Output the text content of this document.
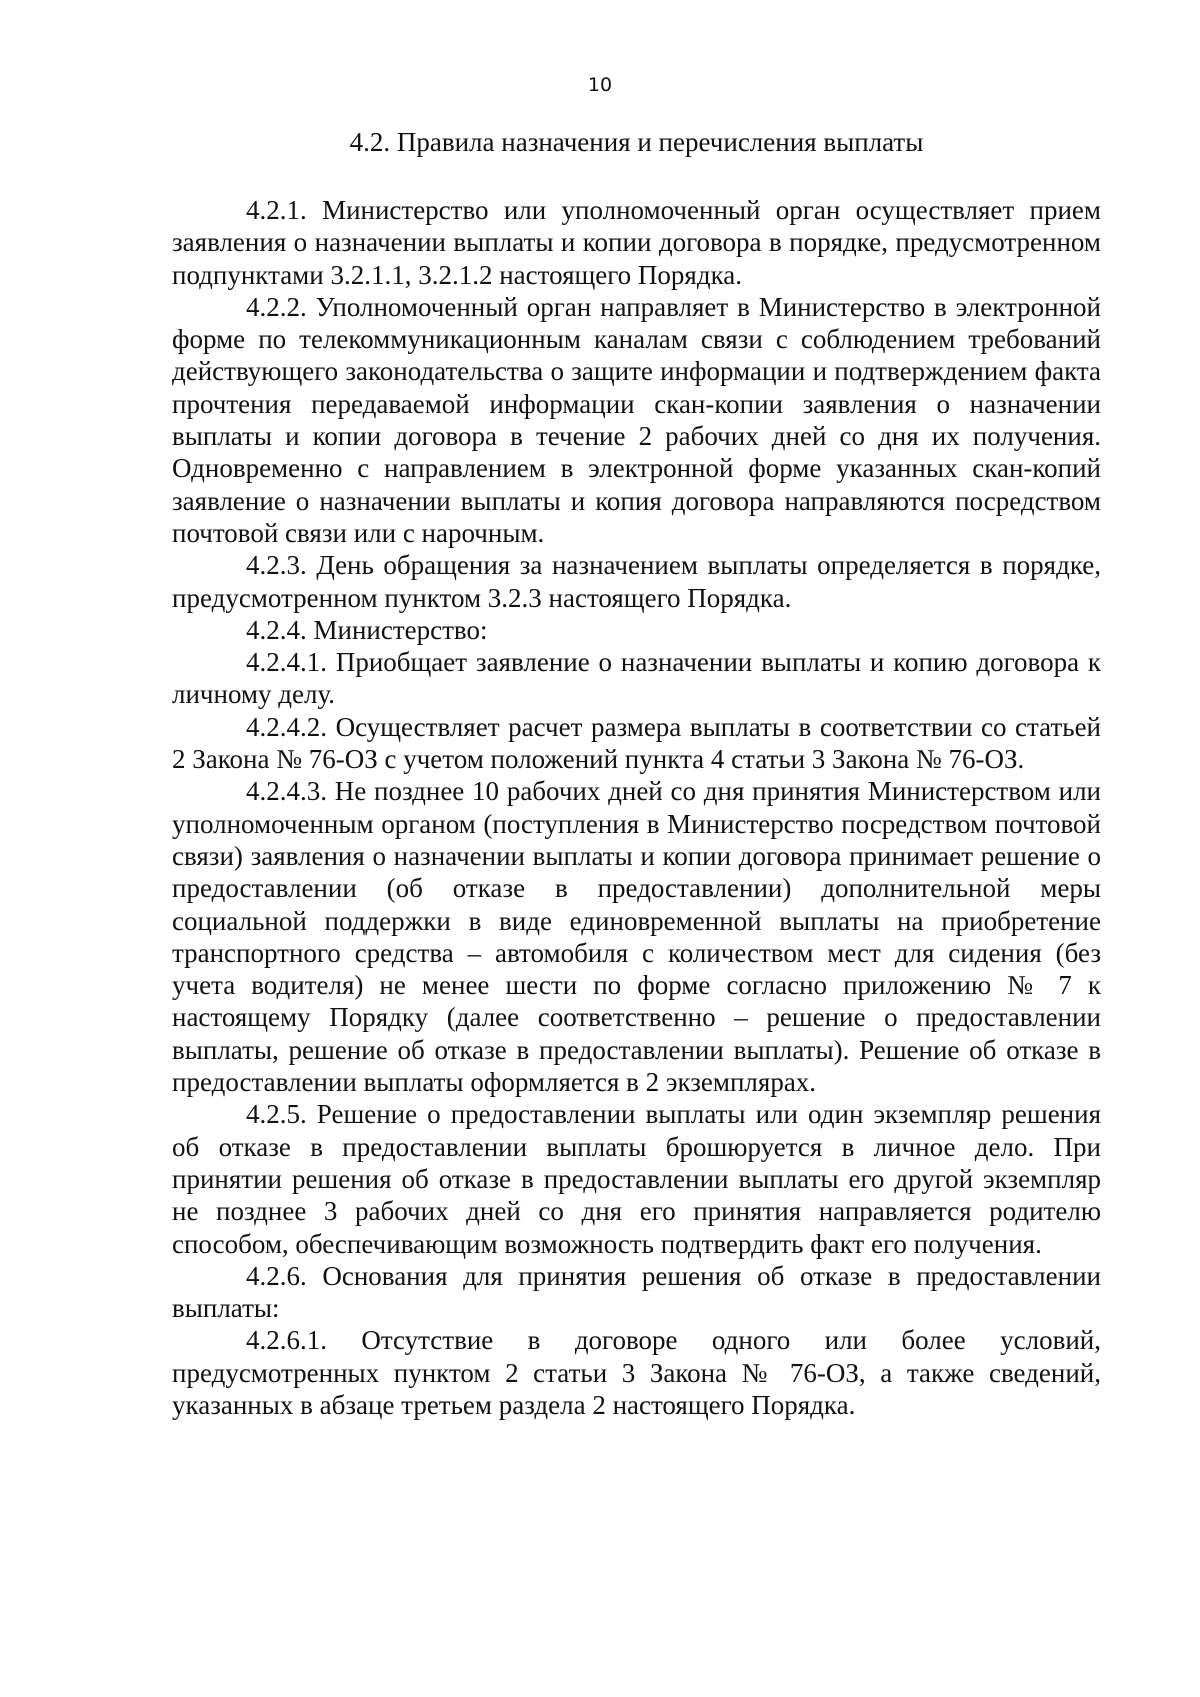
10
4.2. Правила назначения и перечисления выплаты

4.2.1. Министерство или уполномоченный орган осуществляет прием заявления о назначении выплаты и копии договора в порядке, предусмотренном подпунктами 3.2.1.1, 3.2.1.2 настоящего Порядка.

4.2.2. Уполномоченный орган направляет в Министерство в электронной форме по телекоммуникационным каналам связи с соблюдением требований действующего законодательства о защите информации и подтверждением факта прочтения передаваемой информации скан-копии заявления о назначении выплаты и копии договора в течение 2 рабочих дней со дня их получения. Одновременно с направлением в электронной форме указанных скан-копий заявление о назначении выплаты и копия договора направляются посредством почтовой связи или с нарочным.

4.2.3. День обращения за назначением выплаты определяется в порядке, предусмотренном пунктом 3.2.3 настоящего Порядка.

4.2.4. Министерство:

4.2.4.1. Приобщает заявление о назначении выплаты и копию договора к личному делу.

4.2.4.2. Осуществляет расчет размера выплаты в соответствии со статьей 2 Закона № 76-ОЗ с учетом положений пункта 4 статьи 3 Закона № 76-ОЗ.

4.2.4.3. Не позднее 10 рабочих дней со дня принятия Министерством или уполномоченным органом (поступления в Министерство посредством почтовой связи) заявления о назначении выплаты и копии договора принимает решение о предоставлении (об отказе в предоставлении) дополнительной меры социальной поддержки в виде единовременной выплаты на приобретение транспортного средства – автомобиля с количеством мест для сидения (без учета водителя) не менее шести по форме согласно приложению № 7 к настоящему Порядку (далее соответственно – решение о предоставлении выплаты, решение об отказе в предоставлении выплаты). Решение об отказе в предоставлении выплаты оформляется в 2 экземплярах.

4.2.5. Решение о предоставлении выплаты или один экземпляр решения об отказе в предоставлении выплаты брошюруется в личное дело. При принятии решения об отказе в предоставлении выплаты его другой экземпляр не позднее 3 рабочих дней со дня его принятия направляется родителю способом, обеспечивающим возможность подтвердить факт его получения.

4.2.6. Основания для принятия решения об отказе в предоставлении выплаты:

4.2.6.1. Отсутствие в договоре одного или более условий, предусмотренных пунктом 2 статьи 3 Закона № 76-ОЗ, а также сведений, указанных в абзаце третьем раздела 2 настоящего Порядка.
